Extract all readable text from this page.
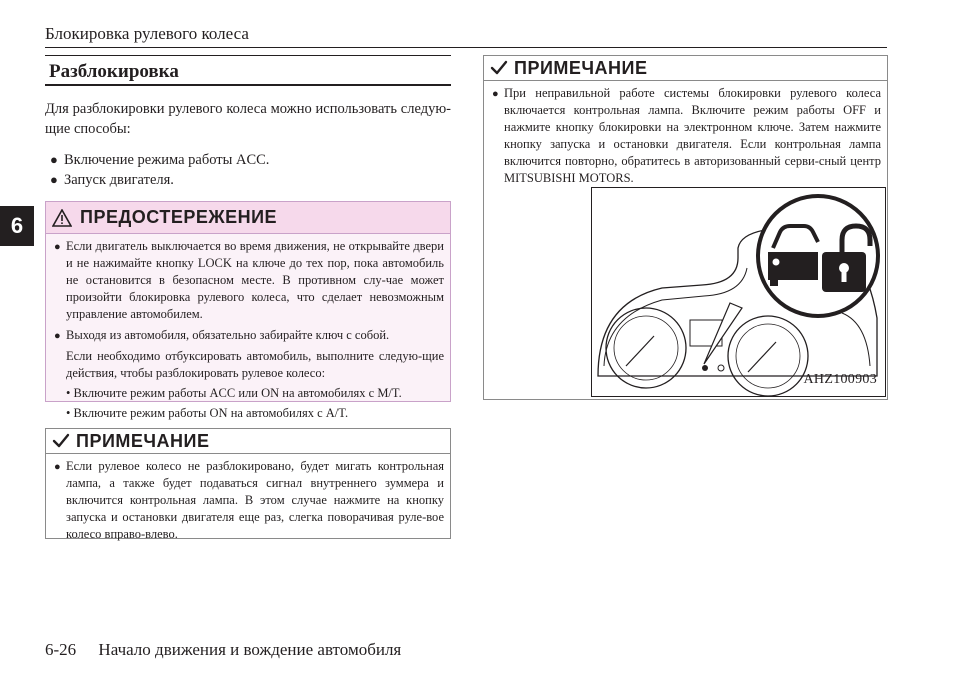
Блокировка рулевого колеса
6
Разблокировка
Для разблокировки рулевого колеса можно использовать следую-щие способы:
● Включение режима работы ACC.
● Запуск двигателя.
ПРЕДОСТЕРЕЖЕНИЕ
● Если двигатель выключается во время движения, не открывайте двери и не нажимайте кнопку LOCK на ключе до тех пор, пока автомобиль не остановится в безопасном месте. В противном слу-чае может произойти блокировка рулевого колеса, что сделает невозможным управление автомобилем.
● Выходя из автомобиля, обязательно забирайте ключ с собой.
Если необходимо отбуксировать автомобиль, выполните следую-щие действия, чтобы разблокировать рулевое колесо:
• Включите режим работы ACC или ON на автомобилях с M/T.
• Включите режим работы ON на автомобилях с A/T.
ПРИМЕЧАНИЕ
● Если рулевое колесо не разблокировано, будет мигать контрольная лампа, а также будет подаваться сигнал внутреннего зуммера и включится контрольная лампа. В этом случае нажмите на кнопку запуска и остановки двигателя еще раз, слегка поворачивая руле-вое колесо вправо-влево.
ПРИМЕЧАНИЕ
● При неправильной работе системы блокировки рулевого колеса включается контрольная лампа. Включите режим работы OFF и нажмите кнопку блокировки на электронном ключе. Затем нажмите кнопку запуска и остановки двигателя. Если контрольная лампа включится повторно, обратитесь в авторизованный серви-сный центр MITSUBISHI MOTORS.
AHZ100903
6-26 Начало движения и вождение автомобиля
